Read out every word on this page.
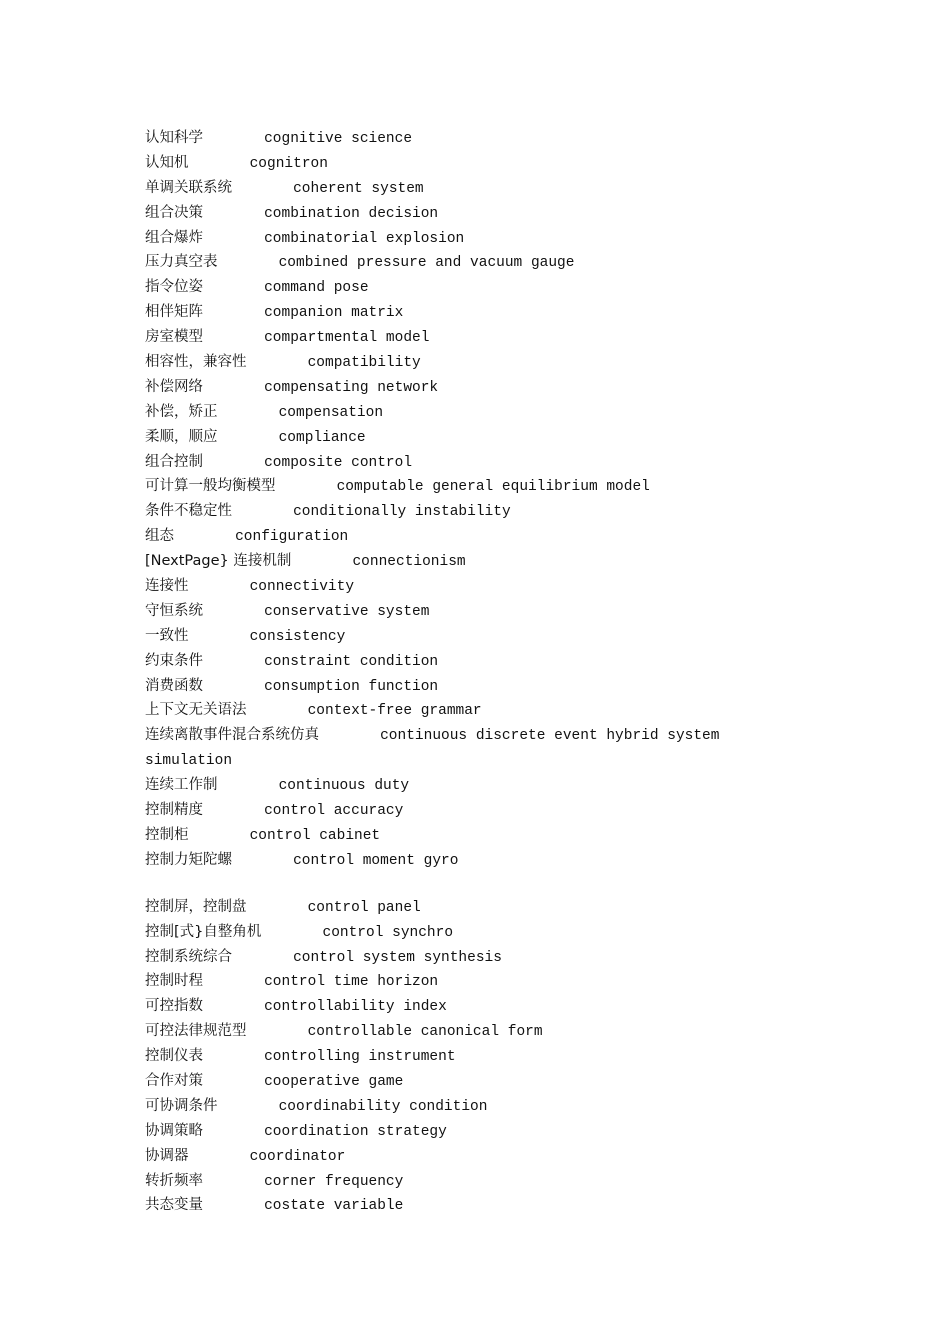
认知科学	cognitive science
认知机	cognitron
单调关联系统	coherent system
组合决策	combination decision
组合爆炸	combinatorial explosion
压力真空表	combined pressure and vacuum gauge
指令位姿	command pose
相伴矩阵	companion matrix
房室模型	compartmental model
相容性，兼容性	compatibility
补偿网络	compensating network
补偿，矫正	compensation
柔顺，顺应	compliance
组合控制	composite control
可计算一般均衡模型	computable general equilibrium model
条件不稳定性	conditionally instability
组态	configuration
[NextPage} 连接机制	connectionism
连接性	connectivity
守恒系统	conservative system
一致性	consistency
约束条件	constraint condition
消费函数	consumption function
上下文无关语法	context-free grammar
连续离散事件混合系统仿真	continuous discrete event hybrid system
simulation
连续工作制	continuous duty
控制精度	control accuracy
控制柜	control cabinet
控制力矩陀螺	control moment gyro
控制屏，控制盘	control panel
控制[式}自整角机	control synchro
控制系统综合	control system synthesis
控制时程	control time horizon
可控指数	controllability index
可控法律规范型	controllable canonical form
控制仪表	controlling instrument
合作对策	cooperative game
可协调条件	coordinability condition
协调策略	coordination strategy
协调器	coordinator
转折频率	corner frequency
共态变量	costate variable
